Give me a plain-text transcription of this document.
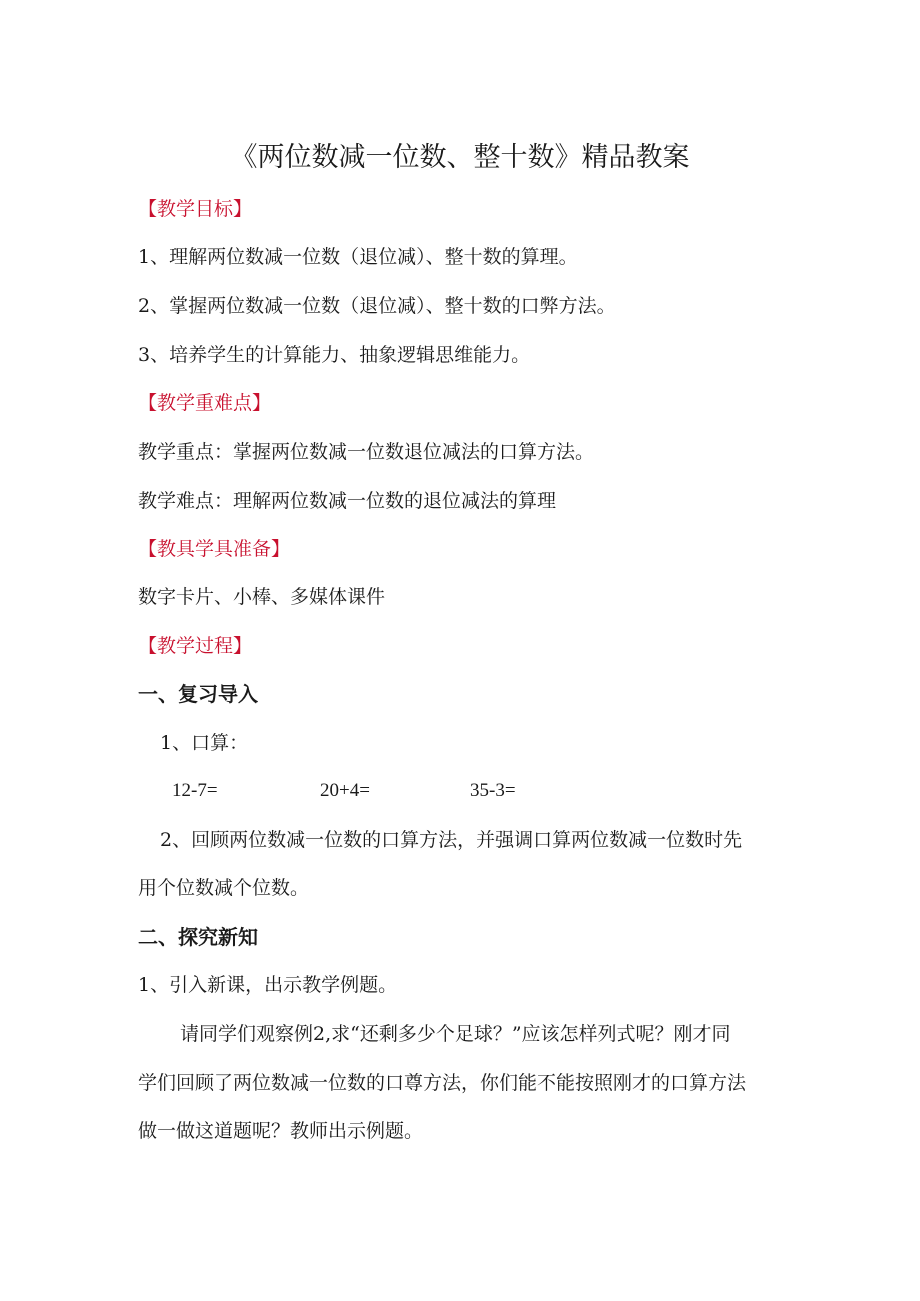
《两位数减一位数、整十数》精品教案
【教学目标】
1、理解两位数减一位数（退位减）、整十数的算理。
2、掌握两位数减一位数（退位减）、整十数的口弊方法。
3、培养学生的计算能力、抽象逻辑思维能力。
【教学重难点】
教学重点：掌握两位数减一位数退位减法的口算方法。
教学难点：理解两位数减一位数的退位减法的算理
【教具学具准备】
数字卡片、小棒、多媒体课件
【教学过程】
一、复习导入
1、口算：
12-7=	20+4=	35-3=
2、回顾两位数减一位数的口算方法，并强调口算两位数减一位数时先
用个位数减个位数。
二、探究新知
1、引入新课，出示教学例题。
请同学们观察例2,求“还剩多少个足球？”应该怎样列式呢？刚才同
学们回顾了两位数减一位数的口尊方法，你们能不能按照刚才的口算方法
做一做这道题呢？教师出示例题。
